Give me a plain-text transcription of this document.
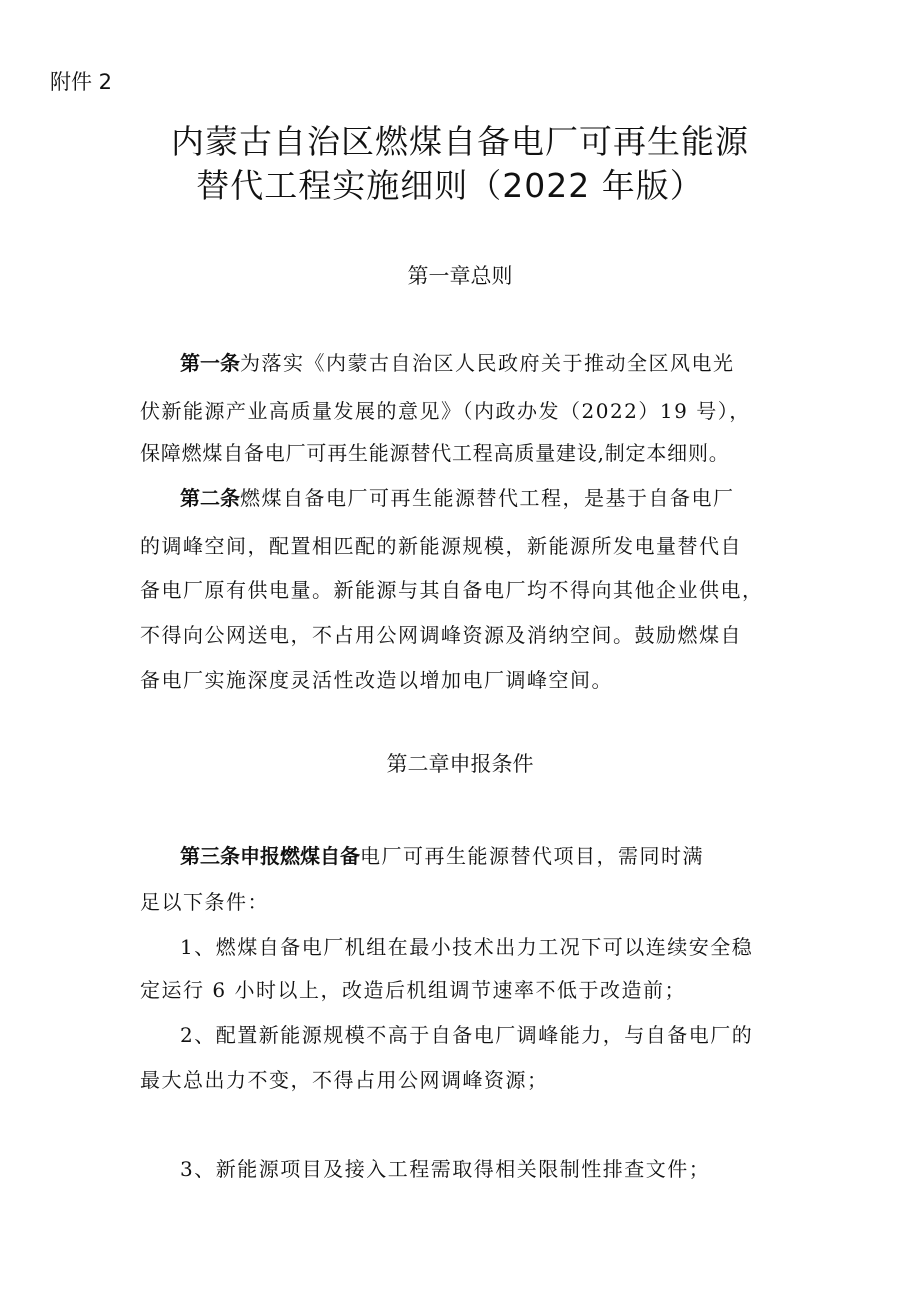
附件 2
内蒙古自治区燃煤自备电厂可再生能源
替代工程实施细则（2022 年版）
第一章总则
第一条为落实《内蒙古自治区人民政府关于推动全区风电光
伏新能源产业高质量发展的意见》（内政办发（2022）19 号），
保障燃煤自备电厂可再生能源替代工程高质量建设,制定本细则。
第二条燃煤自备电厂可再生能源替代工程，是基于自备电厂
的调峰空间，配置相匹配的新能源规模，新能源所发电量替代自
备电厂原有供电量。新能源与其自备电厂均不得向其他企业供电，
不得向公网送电，不占用公网调峰资源及消纳空间。鼓励燃煤自
备电厂实施深度灵活性改造以增加电厂调峰空间。
第二章申报条件
第三条申报燃煤自备电厂可再生能源替代项目，需同时满
足以下条件：
1、燃煤自备电厂机组在最小技术出力工况下可以连续安全稳
定运行 6 小时以上，改造后机组调节速率不低于改造前；
2、配置新能源规模不高于自备电厂调峰能力，与自备电厂的
最大总出力不变，不得占用公网调峰资源；
3、新能源项目及接入工程需取得相关限制性排查文件；
